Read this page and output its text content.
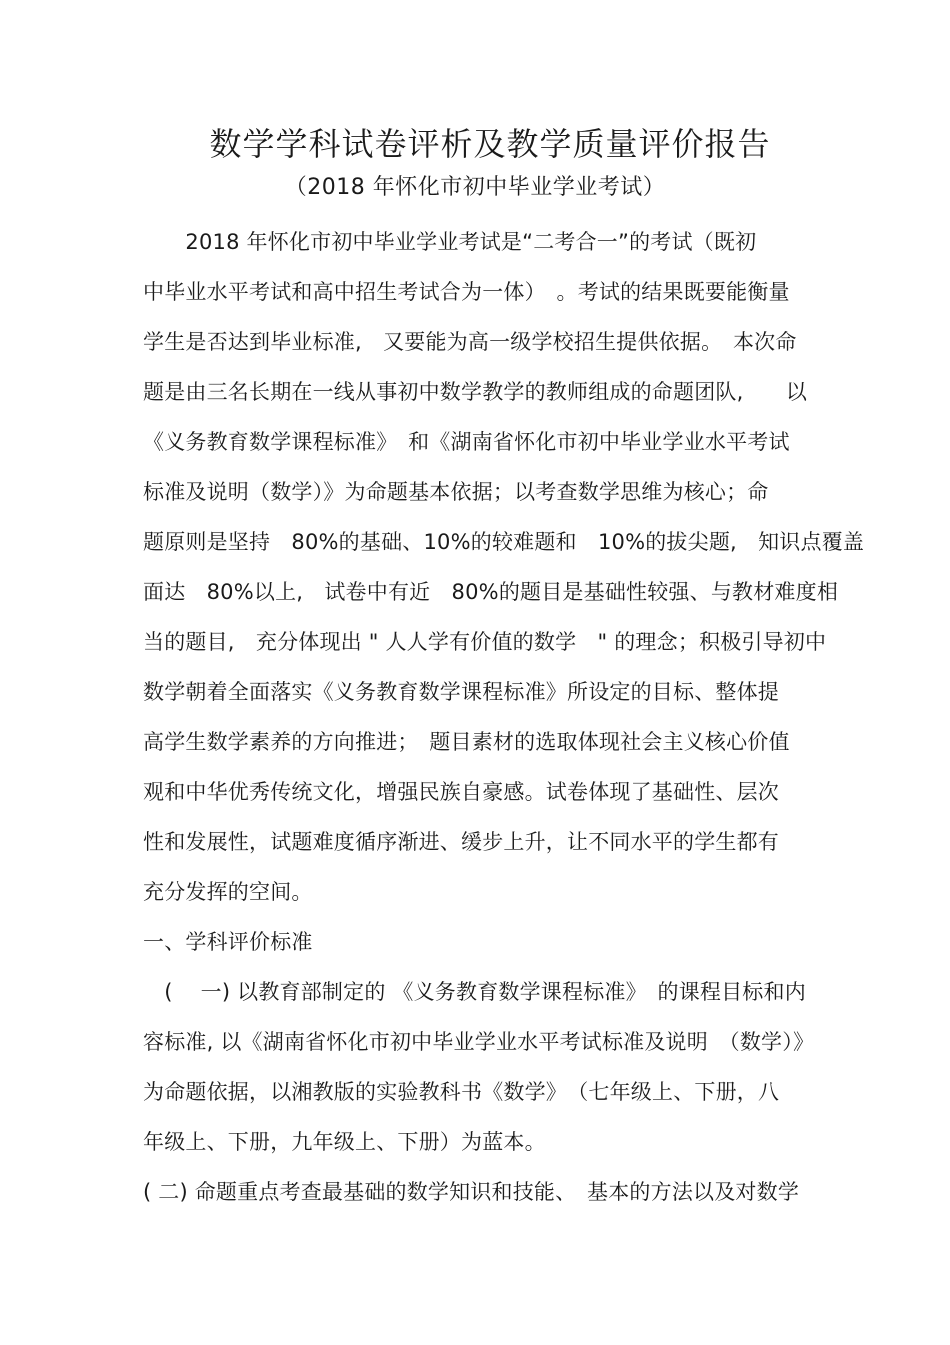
数学学科试卷评析及教学质量评价报告
（2018 年怀化市初中毕业学业考试）
　　2018 年怀化市初中毕业学业考试是“二考合一”的考试（既初
中毕业水平考试和高中招生考试合为一体）　。考试的结果既要能衡量
学生是否达到毕业标准,　又要能为高一级学校招生提供依据。　本次命
题是由三名长期在一线从事初中数学教学的教师组成的命题团队,　　以
《义务教育数学课程标准》　和《湖南省怀化市初中毕业学业水平考试
标准及说明（数学）》为命题基本依据；以考查数学思维为核心；命
题原则是坚持　80%的基础、10%的较难题和　10%的拔尖题,　知识点覆盖
面达　80%以上,　试卷中有近　80%的题目是基础性较强、与教材难度相
当的题目,　充分体现出 " 人人学有价值的数学　" 的理念；积极引导初中
数学朝着全面落实《义务教育数学课程标准》所设定的目标、整体提
高学生数学素养的方向推进；　题目素材的选取体现社会主义核心价值
观和中华优秀传统文化，增强民族自豪感。试卷体现了基础性、层次
性和发展性，试题难度循序渐进、缓步上升，让不同水平的学生都有
充分发挥的空间。
一、学科评价标准
　(　 一) 以教育部制定的 《义务教育数学课程标准》　的课程目标和内
容标准, 以《湖南省怀化市初中毕业学业水平考试标准及说明　（数学）》
为命题依据，以湘教版的实验教科书《数学》　（七年级上、下册，八
年级上、下册，九年级上、下册）为蓝本。
( 二) 命题重点考查最基础的数学知识和技能、　基本的方法以及对数学
